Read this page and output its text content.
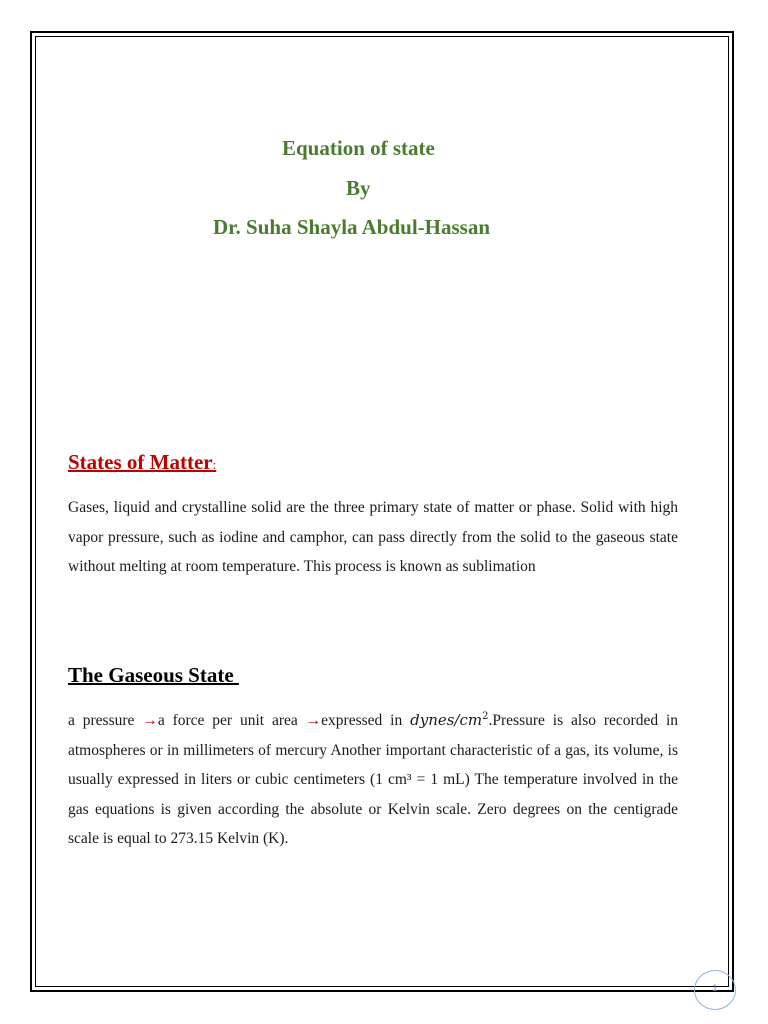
Equation of state
By
Dr. Suha Shayla Abdul-Hassan
States of Matter:

Gases, liquid and crystalline solid are the three primary state of matter or phase. Solid with high vapor pressure, such as iodine and camphor, can pass directly from the solid to the gaseous state without melting at room temperature. This process is known as sublimation

The Gaseous State

a pressure →a force per unit area →expressed in dynes/$cm^2.Pressure$ is also recorded in atmospheres or in millimeters of mercury Another important characteristic of a gas, its volume, is usually expressed in liters or cubic centimeters (1 cm³ = 1 mL) The temperature involved in the gas equations is given according the absolute or Kelvin scale. Zero degrees on the centigrade scale is equal to 273.15 Kelvin (K).

1
